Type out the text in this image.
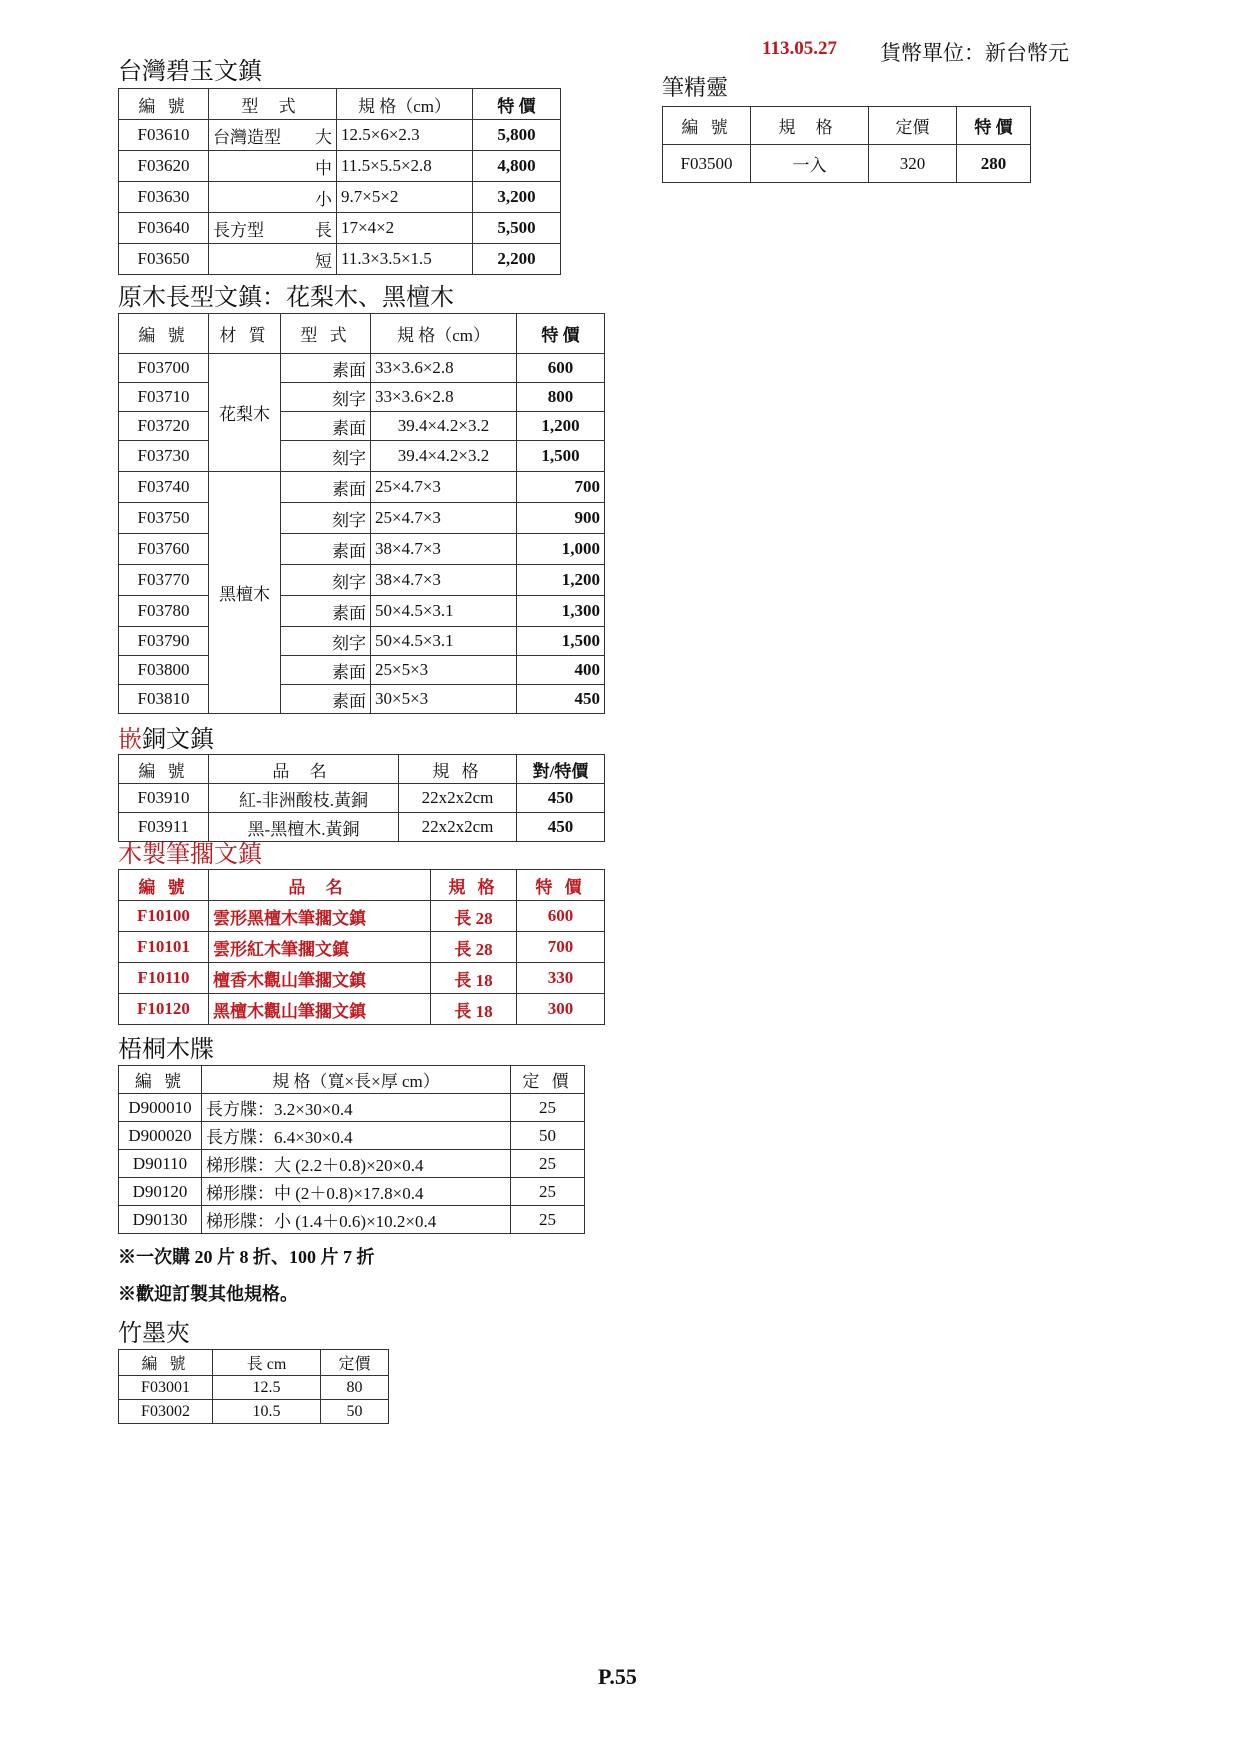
113.05.27 貨幣單位：新台幣元
台灣碧玉文鎮
編 號	型 式	規 格（cm）	特 價
F03610	台灣造型 大	12.5×6×2.3	5,800
F03620	中	11.5×5.5×2.8	4,800
F03630	小	9.7×5×2	3,200
F03640	長方型 長	17×4×2	5,500
F03650	短	11.3×3.5×1.5	2,200
筆精靈
編 號	規 格	定價	特 價
F03500	一入	320	280
原木長型文鎮：花梨木、黑檀木
編 號	材 質	型 式	規 格（cm）	特 價
F03700	花梨木	素面	33×3.6×2.8	600
F03710		刻字	33×3.6×2.8	800
F03720		素面	39.4×4.2×3.2	1,200
F03730		刻字	39.4×4.2×3.2	1,500
F03740	黑檀木	素面	25×4.7×3	700
F03750		刻字	25×4.7×3	900
F03760		素面	38×4.7×3	1,000
F03770		刻字	38×4.7×3	1,200
F03780		素面	50×4.5×3.1	1,300
F03790		刻字	50×4.5×3.1	1,500
F03800		素面	25×5×3	400
F03810		素面	30×5×3	450
嵌銅文鎮
編 號	品 名	規 格	對/特價
F03910	紅-非洲酸枝.黃銅	22x2x2cm	450
F03911	黑-黑檀木.黃銅	22x2x2cm	450
木製筆擱文鎮
編 號	品 名	規 格	特 價
F10100	雲形黑檀木筆擱文鎮	長 28	600
F10101	雲形紅木筆擱文鎮	長 28	700
F10110	檀香木觀山筆擱文鎮	長 18	330
F10120	黑檀木觀山筆擱文鎮	長 18	300
梧桐木牒
編 號	規 格（寬×長×厚 cm）	定 價
D900010	長方牒：3.2×30×0.4	25
D900020	長方牒：6.4×30×0.4	50
D90110	梯形牒：大 (2.2＋0.8)×20×0.4	25
D90120	梯形牒：中 (2＋0.8)×17.8×0.4	25
D90130	梯形牒：小 (1.4＋0.6)×10.2×0.4	25
※一次購 20 片 8 折、100 片 7 折
※歡迎訂製其他規格。
竹墨夾
編 號	長 cm	定價
F03001	12.5	80
F03002	10.5	50
P.55
